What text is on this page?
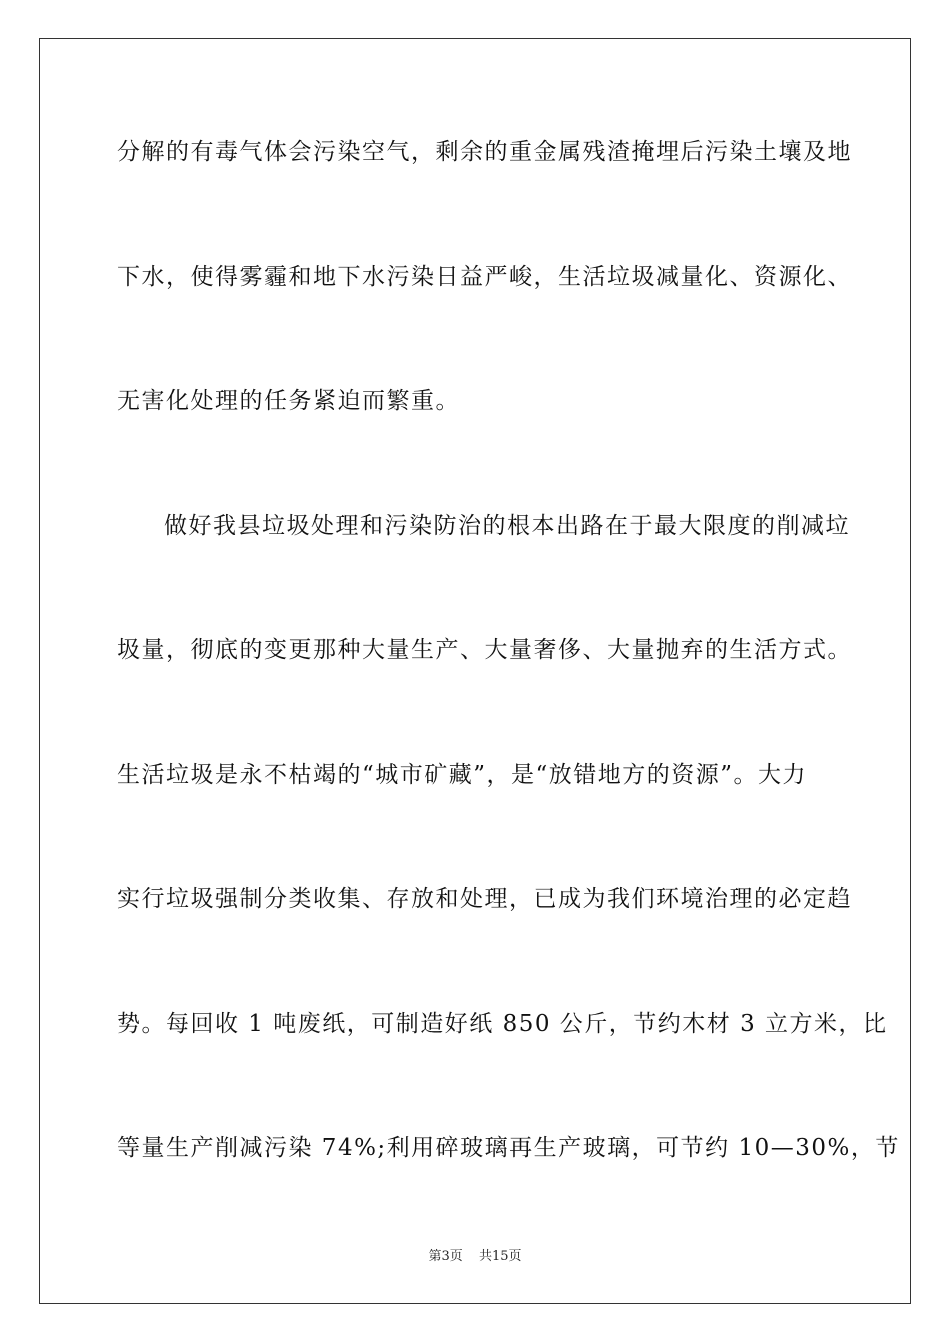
分解的有毒气体会污染空气，剩余的重金属残渣掩埋后污染土壤及地
下水，使得雾霾和地下水污染日益严峻，生活垃圾减量化、资源化、
无害化处理的任务紧迫而繁重。
做好我县垃圾处理和污染防治的根本出路在于最大限度的削减垃
圾量，彻底的变更那种大量生产、大量奢侈、大量抛弃的生活方式。
生活垃圾是永不枯竭的“城市矿藏”，是“放错地方的资源”。大力
实行垃圾强制分类收集、存放和处理，已成为我们环境治理的必定趋
势。每回收 1 吨废纸，可制造好纸 850 公斤，节约木材 3 立方米，比
等量生产削减污染 74%;利用碎玻璃再生产玻璃，可节约 10—30%，节
第3页 共15页
